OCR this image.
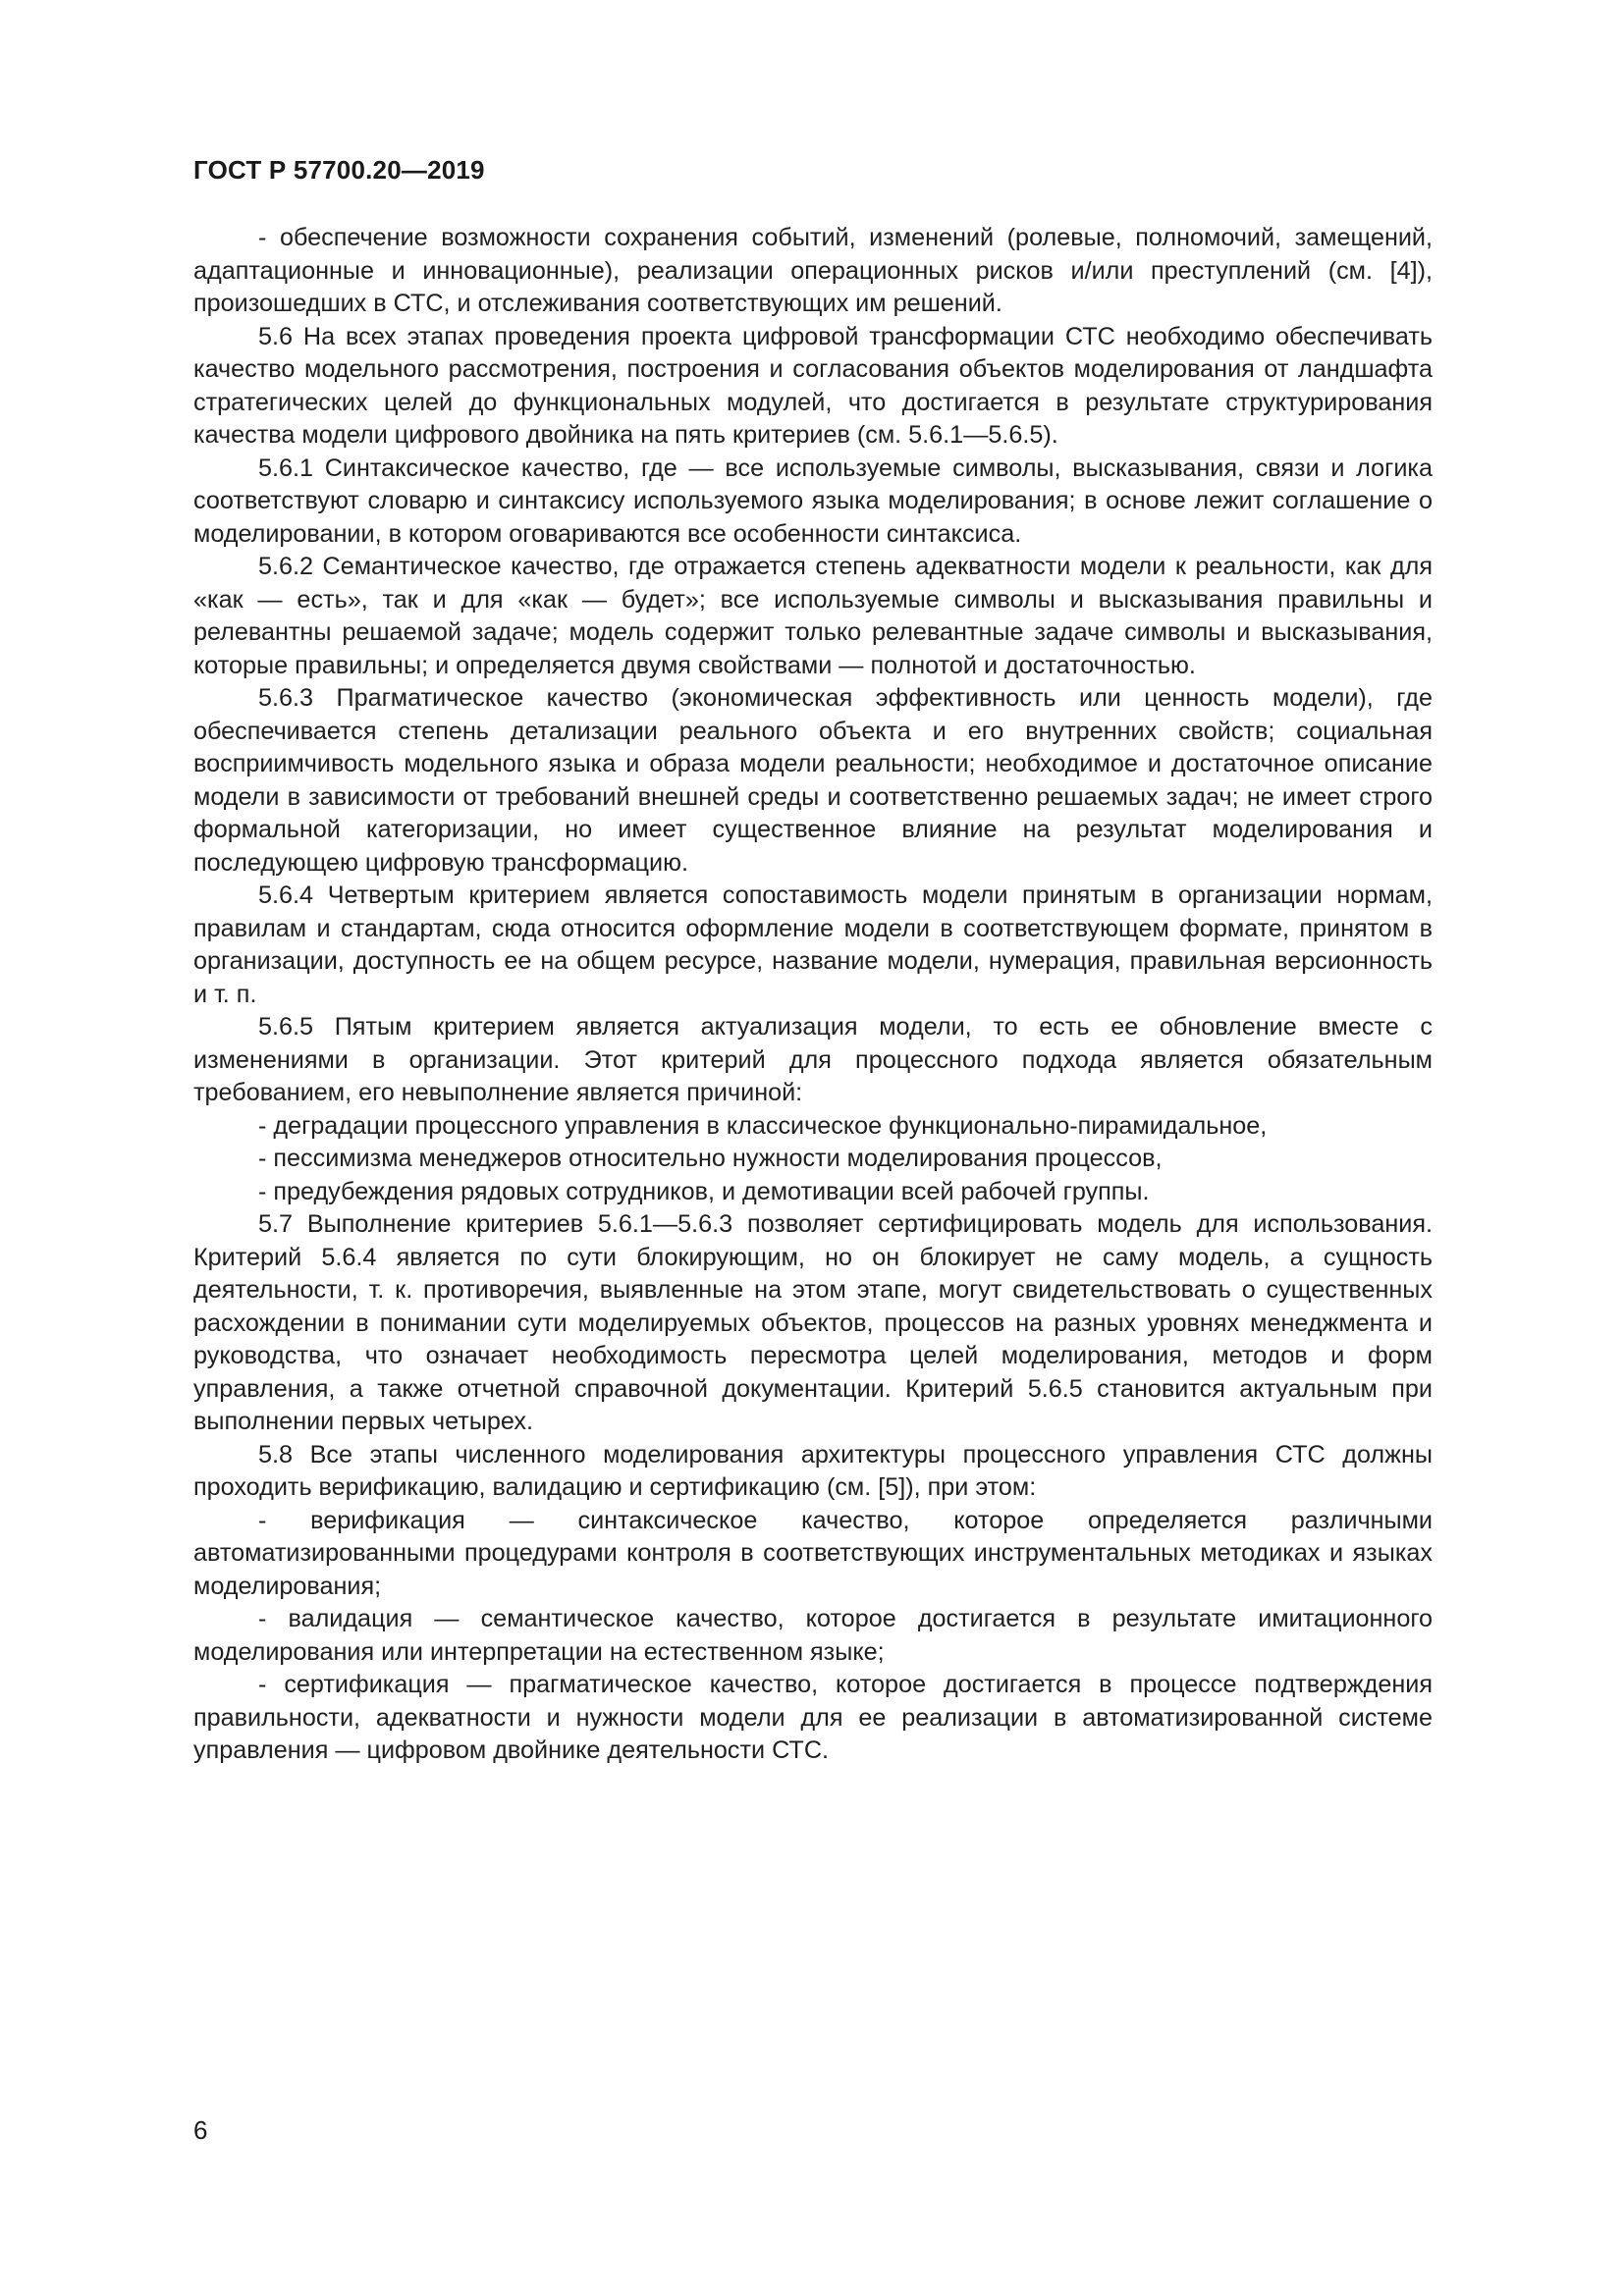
ГОСТ Р 57700.20—2019

- обеспечение возможности сохранения событий, изменений (ролевые, полномочий, замещений, адаптационные и инновационные), реализации операционных рисков и/или преступлений (см. [4]), произошедших в СТС, и отслеживания соответствующих им решений.

5.6 На всех этапах проведения проекта цифровой трансформации СТС необходимо обеспечивать качество модельного рассмотрения, построения и согласования объектов моделирования от ландшафта стратегических целей до функциональных модулей, что достигается в результате структурирования качества модели цифрового двойника на пять критериев (см. 5.6.1—5.6.5).

5.6.1 Синтаксическое качество, где — все используемые символы, высказывания, связи и логика соответствуют словарю и синтаксису используемого языка моделирования; в основе лежит соглашение о моделировании, в котором оговариваются все особенности синтаксиса.

5.6.2 Семантическое качество, где отражается степень адекватности модели к реальности, как для «как — есть», так и для «как — будет»; все используемые символы и высказывания правильны и релевантны решаемой задаче; модель содержит только релевантные задаче символы и высказывания, которые правильны; и определяется двумя свойствами — полнотой и достаточностью.

5.6.3 Прагматическое качество (экономическая эффективность или ценность модели), где обеспечивается степень детализации реального объекта и его внутренних свойств; социальная восприимчивость модельного языка и образа модели реальности; необходимое и достаточное описание модели в зависимости от требований внешней среды и соответственно решаемых задач; не имеет строго формальной категоризации, но имеет существенное влияние на результат моделирования и последующею цифровую трансформацию.

5.6.4 Четвертым критерием является сопоставимость модели принятым в организации нормам, правилам и стандартам, сюда относится оформление модели в соответствующем формате, принятом в организации, доступность ее на общем ресурсе, название модели, нумерация, правильная версионность и т. п.

5.6.5 Пятым критерием является актуализация модели, то есть ее обновление вместе с изменениями в организации. Этот критерий для процессного подхода является обязательным требованием, его невыполнение является причиной:

- деградации процессного управления в классическое функционально-пирамидальное,

- пессимизма менеджеров относительно нужности моделирования процессов,

- предубеждения рядовых сотрудников, и демотивации всей рабочей группы.

5.7 Выполнение критериев 5.6.1—5.6.3 позволяет сертифицировать модель для использования. Критерий 5.6.4 является по сути блокирующим, но он блокирует не саму модель, а сущность деятельности, т. к. противоречия, выявленные на этом этапе, могут свидетельствовать о существенных расхождении в понимании сути моделируемых объектов, процессов на разных уровнях менеджмента и руководства, что означает необходимость пересмотра целей моделирования, методов и форм управления, а также отчетной справочной документации. Критерий 5.6.5 становится актуальным при выполнении первых четырех.

5.8 Все этапы численного моделирования архитектуры процессного управления СТС должны проходить верификацию, валидацию и сертификацию (см. [5]), при этом:

- верификация — синтаксическое качество, которое определяется различными автоматизированными процедурами контроля в соответствующих инструментальных методиках и языках моделирования;

- валидация — семантическое качество, которое достигается в результате имитационного моделирования или интерпретации на естественном языке;

- сертификация — прагматическое качество, которое достигается в процессе подтверждения правильности, адекватности и нужности модели для ее реализации в автоматизированной системе управления — цифровом двойнике деятельности СТС.

6
